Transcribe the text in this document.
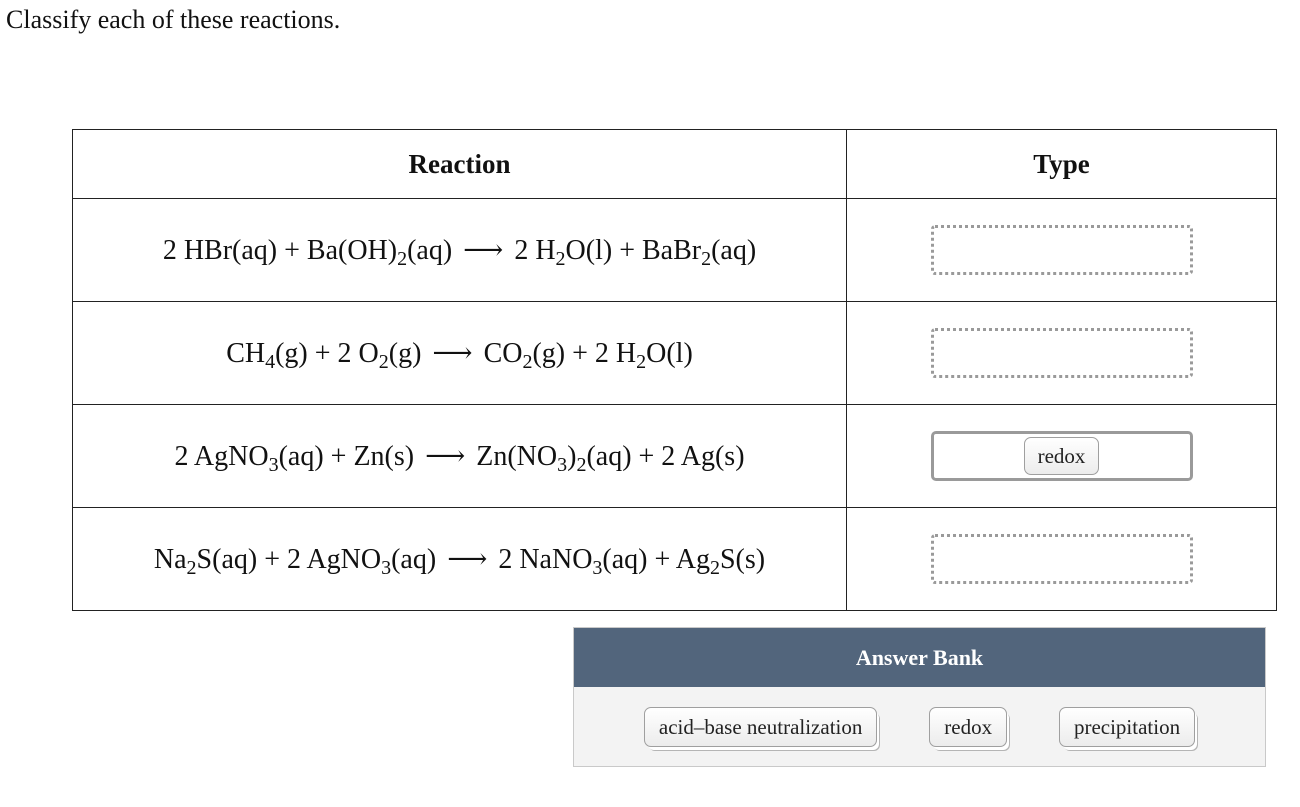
Classify each of these reactions.

Reaction	Type
2 $HBr(aq) + Ba(OH)_2(aq)$ ⟶ 2 $H_2O(l)$ + BaBr$_2$(aq)	

$CH_4(g) + 2$ $O_2(g)$ ⟶ $CO_2(g) + 2$ $H_2O(l)$	

2 AgNO$_3$(aq) + Zn(s) ⟶ $Zn(NO_3)_2(aq) + 2$ Ag(s)	redox

$Na_2S(aq) + 2$ AgNO$_3$(aq) ⟶ 2 NaNO$_3$(aq) + $Ag_2S(s)$	
Answer Bank
acid–base neutralization	redox	precipitation
